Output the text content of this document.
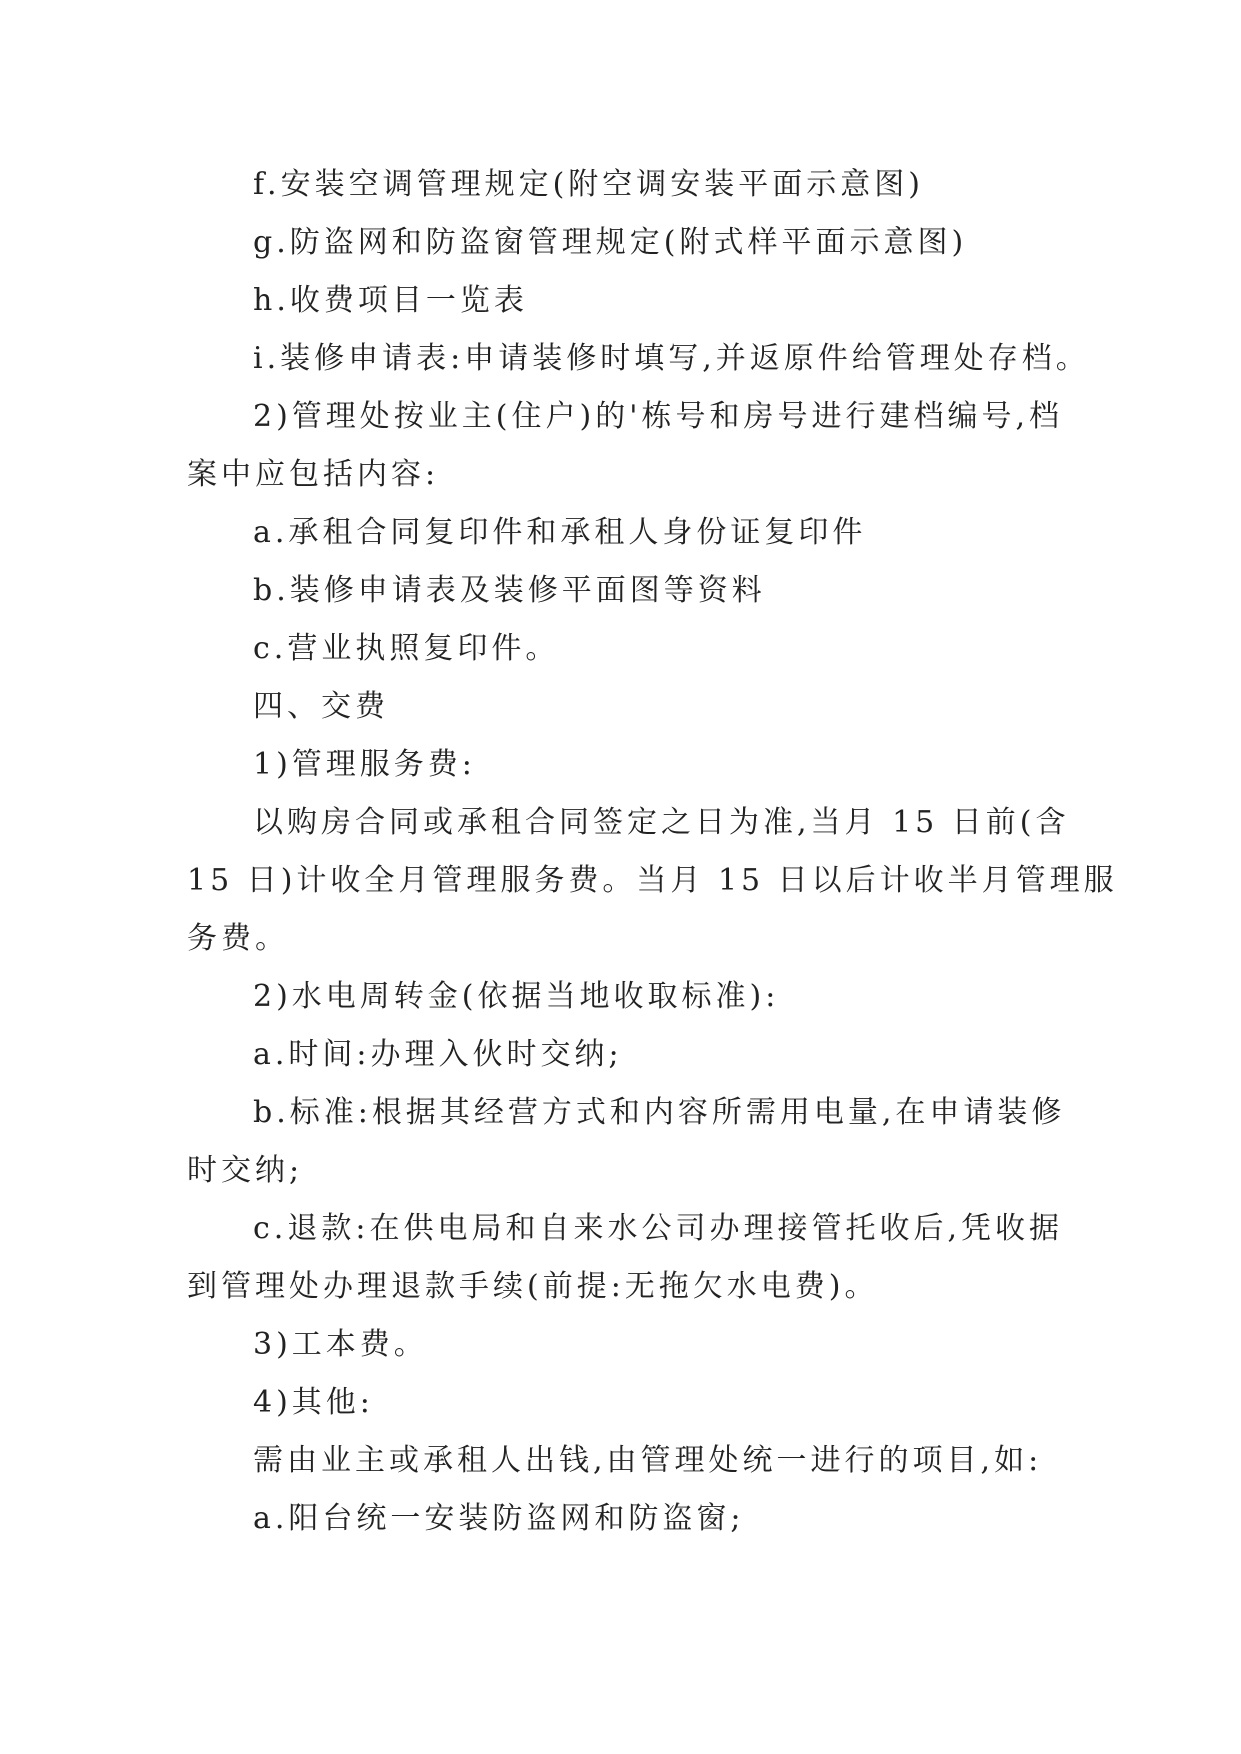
f.安装空调管理规定(附空调安装平面示意图)
g.防盗网和防盗窗管理规定(附式样平面示意图)
h.收费项目一览表
i.装修申请表:申请装修时填写,并返原件给管理处存档。
2)管理处按业主(住户)的'栋号和房号进行建档编号,档
案中应包括内容:
a.承租合同复印件和承租人身份证复印件
b.装修申请表及装修平面图等资料
c.营业执照复印件。
四、交费
1)管理服务费:
以购房合同或承租合同签定之日为准,当月 15 日前(含
15 日)计收全月管理服务费。当月 15 日以后计收半月管理服
务费。
2)水电周转金(依据当地收取标准):
a.时间:办理入伙时交纳;
b.标准:根据其经营方式和内容所需用电量,在申请装修
时交纳;
c.退款:在供电局和自来水公司办理接管托收后,凭收据
到管理处办理退款手续(前提:无拖欠水电费)。
3)工本费。
4)其他:
需由业主或承租人出钱,由管理处统一进行的项目,如:
a.阳台统一安装防盗网和防盗窗;
